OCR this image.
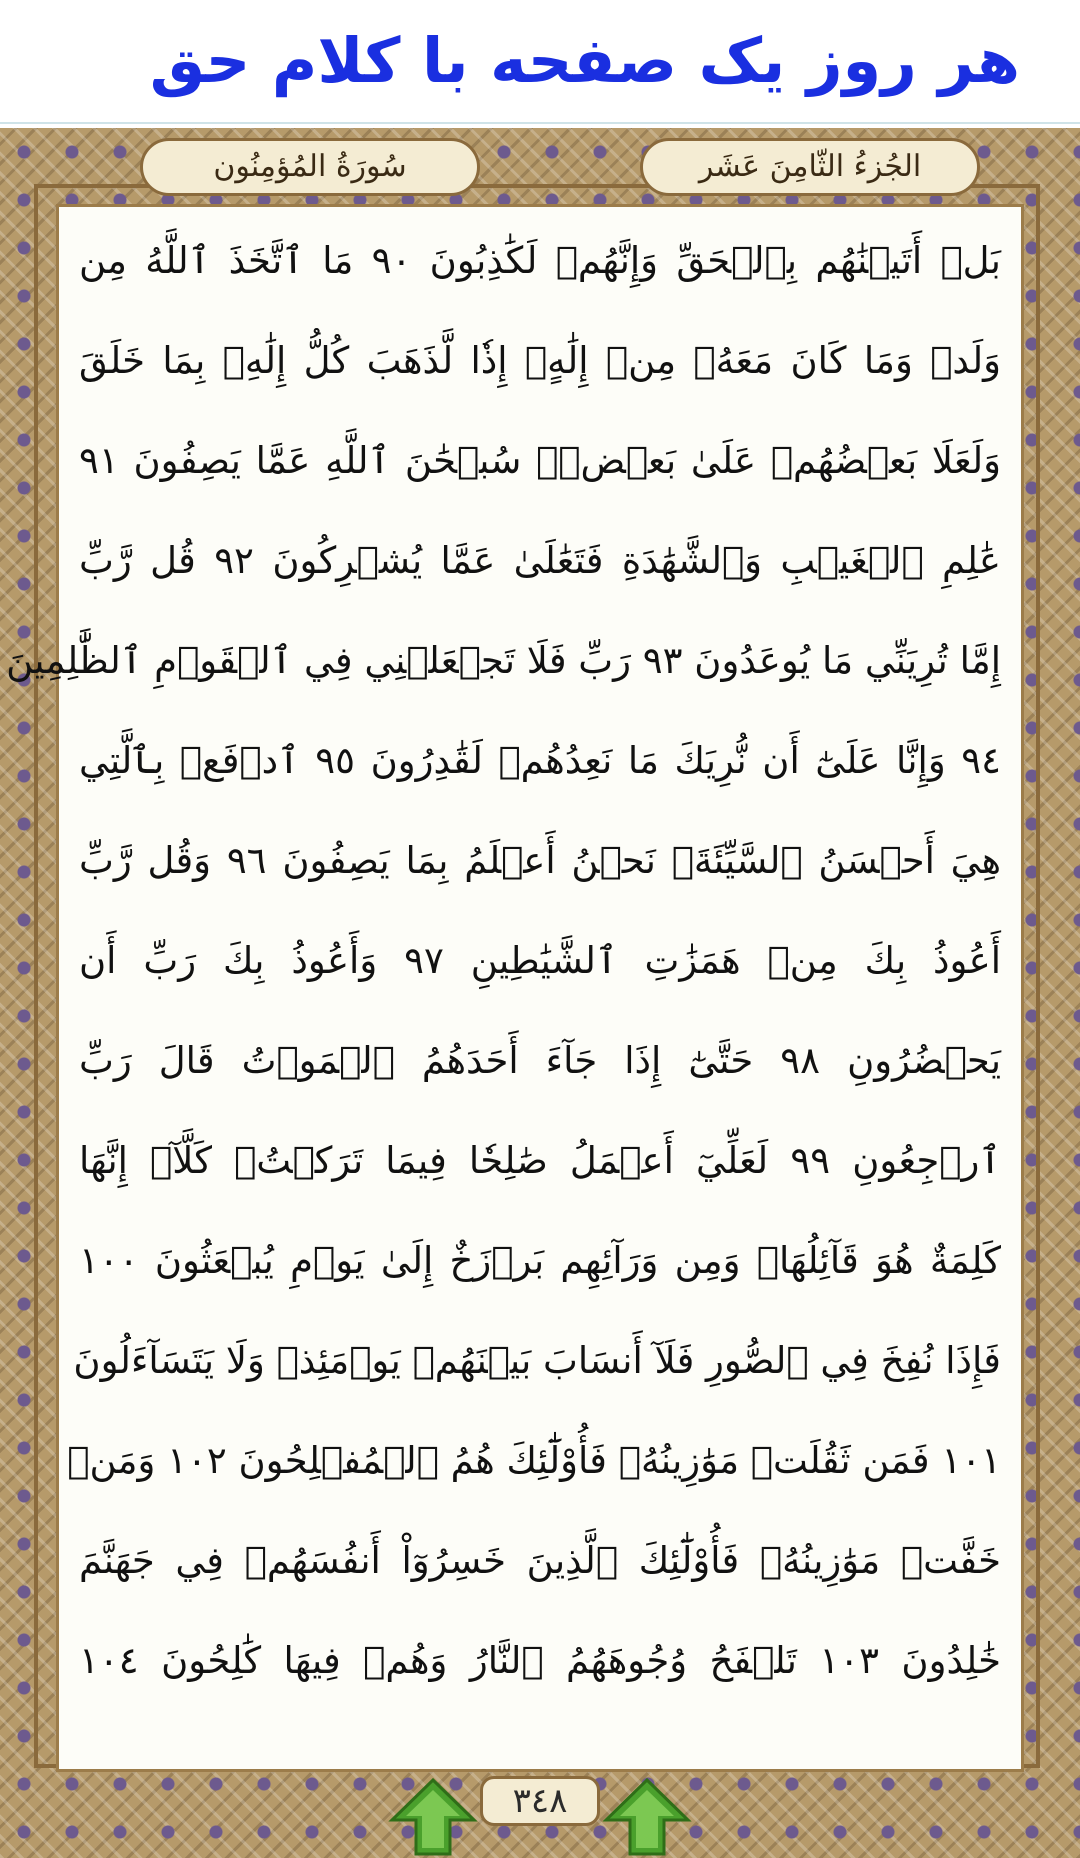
هر روز یک صفحه با کلام حق
الجُزءُ الثّامِنَ عَشَر
سُورَةُ المُؤمِنُون
بَلۡ أَتَيۡنَٰهُم بِٱلۡحَقِّ وَإِنَّهُمۡ لَكَٰذِبُونَ ٩٠ مَا ٱتَّخَذَ ٱللَّهُ مِن
وَلَدٖ وَمَا كَانَ مَعَهُۥ مِنۡ إِلَٰهٍۚ إِذٗا لَّذَهَبَ كُلُّ إِلَٰهِۭ بِمَا خَلَقَ
وَلَعَلَا بَعۡضُهُمۡ عَلَىٰ بَعۡضٖۚ سُبۡحَٰنَ ٱللَّهِ عَمَّا يَصِفُونَ ٩١
عَٰلِمِ ٱلۡغَيۡبِ وَٱلشَّهَٰدَةِ فَتَعَٰلَىٰ عَمَّا يُشۡرِكُونَ ٩٢ قُل رَّبِّ
إِمَّا تُرِيَنِّي مَا يُوعَدُونَ ٩٣ رَبِّ فَلَا تَجۡعَلۡنِي فِي ٱلۡقَوۡمِ ٱلظَّٰلِمِينَ
٩٤ وَإِنَّا عَلَىٰٓ أَن نُّرِيَكَ مَا نَعِدُهُمۡ لَقَٰدِرُونَ ٩٥ ٱدۡفَعۡ بِٱلَّتِي
هِيَ أَحۡسَنُ ٱلسَّيِّئَةَۚ نَحۡنُ أَعۡلَمُ بِمَا يَصِفُونَ ٩٦ وَقُل رَّبِّ
أَعُوذُ بِكَ مِنۡ هَمَزَٰتِ ٱلشَّيَٰطِينِ ٩٧ وَأَعُوذُ بِكَ رَبِّ أَن
يَحۡضُرُونِ ٩٨ حَتَّىٰٓ إِذَا جَآءَ أَحَدَهُمُ ٱلۡمَوۡتُ قَالَ رَبِّ
ٱرۡجِعُونِ ٩٩ لَعَلِّيٓ أَعۡمَلُ صَٰلِحٗا فِيمَا تَرَكۡتُۚ كَلَّآۚ إِنَّهَا
كَلِمَةٌ هُوَ قَآئِلُهَاۖ وَمِن وَرَآئِهِم بَرۡزَخٌ إِلَىٰ يَوۡمِ يُبۡعَثُونَ ١٠٠
فَإِذَا نُفِخَ فِي ٱلصُّورِ فَلَآ أَنسَابَ بَيۡنَهُمۡ يَوۡمَئِذٖ وَلَا يَتَسَآءَلُونَ
١٠١ فَمَن ثَقُلَتۡ مَوَٰزِينُهُۥ فَأُوْلَٰٓئِكَ هُمُ ٱلۡمُفۡلِحُونَ ١٠٢ وَمَنۡ
خَفَّتۡ مَوَٰزِينُهُۥ فَأُوْلَٰٓئِكَ ٱلَّذِينَ خَسِرُوٓاْ أَنفُسَهُمۡ فِي جَهَنَّمَ
خَٰلِدُونَ ١٠٣ تَلۡفَحُ وُجُوهَهُمُ ٱلنَّارُ وَهُمۡ فِيهَا كَٰلِحُونَ ١٠٤
٣٤٨
